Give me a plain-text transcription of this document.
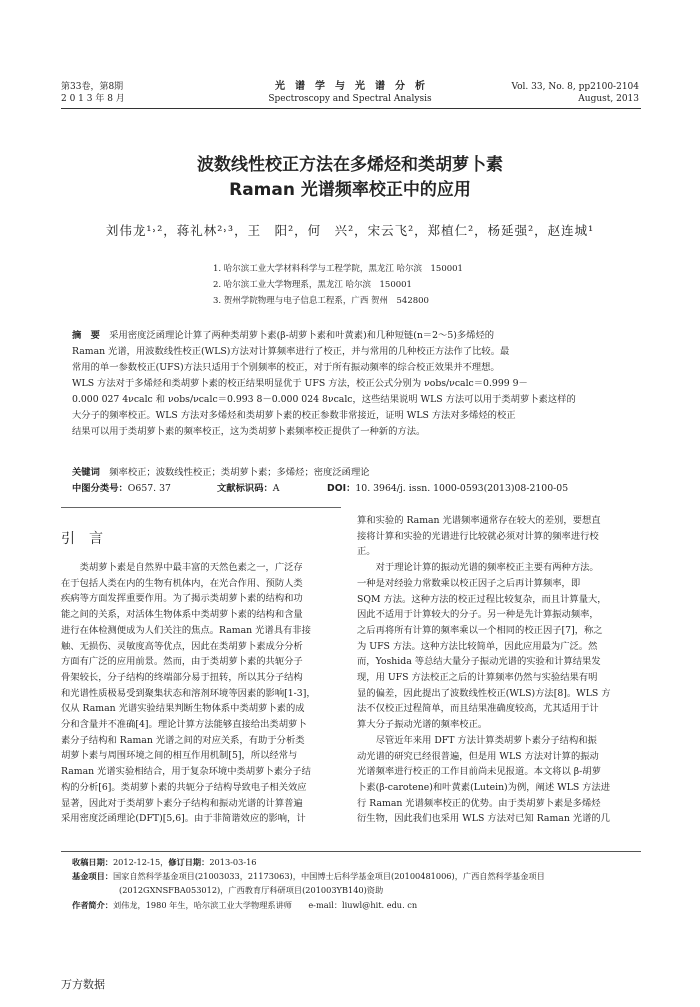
第33卷，第8期
2 0 1 3 年 8 月
光　谱　学　与　光　谱　分　析
Spectroscopy and Spectral Analysis
Vol. 33, No. 8, pp2100-2104
August, 2013
波数线性校正方法在多烯烃和类胡萝卜素
Raman 光谱频率校正中的应用
刘伟龙¹˒²，蒋礼林²˒³，王　阳²，何　兴²，宋云飞²，郑植仁²，杨延强²，赵连城¹
1. 哈尔滨工业大学材料科学与工程学院，黑龙江 哈尔滨　150001
2. 哈尔滨工业大学物理系，黑龙江 哈尔滨　150001
3. 贺州学院物理与电子信息工程系，广西 贺州　542800
摘　要　 采用密度泛函理论计算了两种类胡萝卜素(β-胡萝卜素和叶黄素)和几种短链(n＝2～5)多烯烃的
Raman 光谱，用波数线性校正(WLS)方法对计算频率进行了校正，并与常用的几种校正方法作了比较。最
常用的单一参数校正(UFS)方法只适用于个别频率的校正，对于所有振动频率的综合校正效果并不理想。
WLS 方法对于多烯烃和类胡萝卜素的校正结果明显优于 UFS 方法，校正公式分别为 νobs/νcalc＝0.999 9－
0.000 027 4νcalc 和 νobs/νcalc＝0.993 8－0.000 024 8νcalc，这些结果说明 WLS 方法可以用于类胡萝卜素这样的
大分子的频率校正。WLS 方法对多烯烃和类胡萝卜素的校正参数非常接近，证明 WLS 方法对多烯烃的校正
结果可以用于类胡萝卜素的频率校正，这为类胡萝卜素频率校正提供了一种新的方法。
关键词　 频率校正；波数线性校正；类胡萝卜素；多烯烃；密度泛函理论
中图分类号：O657. 37	文献标识码：A	DOI：10. 3964/j. issn. 1000-0593(2013)08-2100-05
引　言
类胡萝卜素是自然界中最丰富的天然色素之一，广泛存
在于包括人类在内的生物有机体内，在光合作用、预防人类
疾病等方面发挥重要作用。为了揭示类胡萝卜素的结构和功
能之间的关系，对活体生物体系中类胡萝卜素的结构和含量
进行在体检测便成为人们关注的焦点。Raman 光谱具有非接
触、无损伤、灵敏度高等优点，因此在类胡萝卜素成分分析
方面有广泛的应用前景。然而，由于类胡萝卜素的共轭分子
骨架较长，分子结构的终端部分易于扭转，所以其分子结构
和光谱性质极易受到聚集状态和溶剂环境等因素的影响[1-3]，
仅从 Raman 光谱实验结果判断生物体系中类胡萝卜素的成
分和含量并不准确[4]。理论计算方法能够直接给出类胡萝卜
素分子结构和 Raman 光谱之间的对应关系，有助于分析类
胡萝卜素与周围环境之间的相互作用机制[5]，所以经常与
Raman 光谱实验相结合，用于复杂环境中类胡萝卜素分子结
构的分析[6]。类胡萝卜素的共轭分子结构导致电子相关效应
显著，因此对于类胡萝卜素分子结构和振动光谱的计算普遍
采用密度泛函理论(DFT)[5,6]。由于非简谐效应的影响，计
算和实验的 Raman 光谱频率通常存在较大的差别，要想直
接将计算和实验的光谱进行比较就必须对计算的频率进行校
正。
对于理论计算的振动光谱的频率校正主要有两种方法。
一种是对经验力常数乘以校正因子之后再计算频率，即
SQM 方法。这种方法的校正过程比较复杂，而且计算量大，
因此不适用于计算较大的分子。另一种是先计算振动频率，
之后再将所有计算的频率乘以一个相同的校正因子[7]，称之
为 UFS 方法。这种方法比较简单，因此应用最为广泛。然
而，Yoshida 等总结大量分子振动光谱的实验和计算结果发
现，用 UFS 方法校正之后的计算频率仍然与实验结果有明
显的偏差，因此提出了波数线性校正(WLS)方法[8]。WLS 方
法不仅校正过程简单，而且结果准确度较高，尤其适用于计
算大分子振动光谱的频率校正。
尽管近年来用 DFT 方法计算类胡萝卜素分子结构和振
动光谱的研究已经很普遍，但是用 WLS 方法对计算的振动
光谱频率进行校正的工作目前尚未见报道。本文将以 β-胡萝
卜素(β-carotene)和叶黄素(Lutein)为例，阐述 WLS 方法进
行 Raman 光谱频率校正的优势。由于类胡萝卜素是多烯烃
衍生物，因此我们也采用 WLS 方法对已知 Raman 光谱的几
收稿日期：2012-12-15，修订日期：2013-03-16
基金项目：国家自然科学基金项目(21003033，21173063)，中国博士后科学基金项目(20100481006)，广西自然科学基金项目
(2012GXNSFBA053012)，广西教育厅科研项目(201003YB140)资助
作者简介：刘伟龙，1980 年生，哈尔滨工业大学物理系讲师　　e-mail：liuwl@hit. edu. cn
万方数据
